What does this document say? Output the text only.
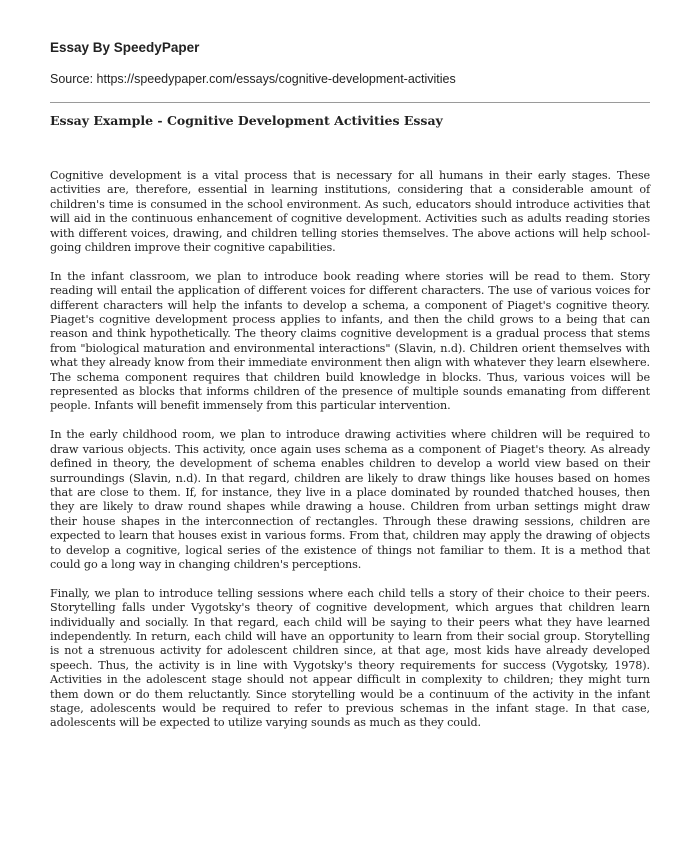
Essay By SpeedyPaper
Source: https://speedypaper.com/essays/cognitive-development-activities
Essay Example - Cognitive Development Activities Essay

Cognitive development is a vital process that is necessary for all humans in their early stages. These activities are, therefore, essential in learning institutions, considering that a considerable amount of children's time is consumed in the school environment. As such, educators should introduce activities that will aid in the continuous enhancement of cognitive development. Activities such as adults reading stories with different voices, drawing, and children telling stories themselves. The above actions will help school-going children improve their cognitive capabilities.

In the infant classroom, we plan to introduce book reading where stories will be read to them. Story reading will entail the application of different voices for different characters. The use of various voices for different characters will help the infants to develop a schema, a component of Piaget's cognitive theory. Piaget's cognitive development process applies to infants, and then the child grows to a being that can reason and think hypothetically. The theory claims cognitive development is a gradual process that stems from "biological maturation and environmental interactions" (Slavin, n.d). Children orient themselves with what they already know from their immediate environment then align with whatever they learn elsewhere. The schema component requires that children build knowledge in blocks. Thus, various voices will be represented as blocks that informs children of the presence of multiple sounds emanating from different people. Infants will benefit immensely from this particular intervention.

In the early childhood room, we plan to introduce drawing activities where children will be required to draw various objects. This activity, once again uses schema as a component of Piaget's theory. As already defined in theory, the development of schema enables children to develop a world view based on their surroundings (Slavin, n.d). In that regard, children are likely to draw things like houses based on homes that are close to them. If, for instance, they live in a place dominated by rounded thatched houses, then they are likely to draw round shapes while drawing a house. Children from urban settings might draw their house shapes in the interconnection of rectangles. Through these drawing sessions, children are expected to learn that houses exist in various forms. From that, children may apply the drawing of objects to develop a cognitive, logical series of the existence of things not familiar to them. It is a method that could go a long way in changing children's perceptions.

Finally, we plan to introduce telling sessions where each child tells a story of their choice to their peers. Storytelling falls under Vygotsky's theory of cognitive development, which argues that children learn individually and socially. In that regard, each child will be saying to their peers what they have learned independently. In return, each child will have an opportunity to learn from their social group. Storytelling is not a strenuous activity for adolescent children since, at that age, most kids have already developed speech. Thus, the activity is in line with Vygotsky's theory requirements for success (Vygotsky, 1978). Activities in the adolescent stage should not appear difficult in complexity to children; they might turn them down or do them reluctantly. Since storytelling would be a continuum of the activity in the infant stage, adolescents would be required to refer to previous schemas in the infant stage. In that case, adolescents will be expected to utilize varying sounds as much as they could.
